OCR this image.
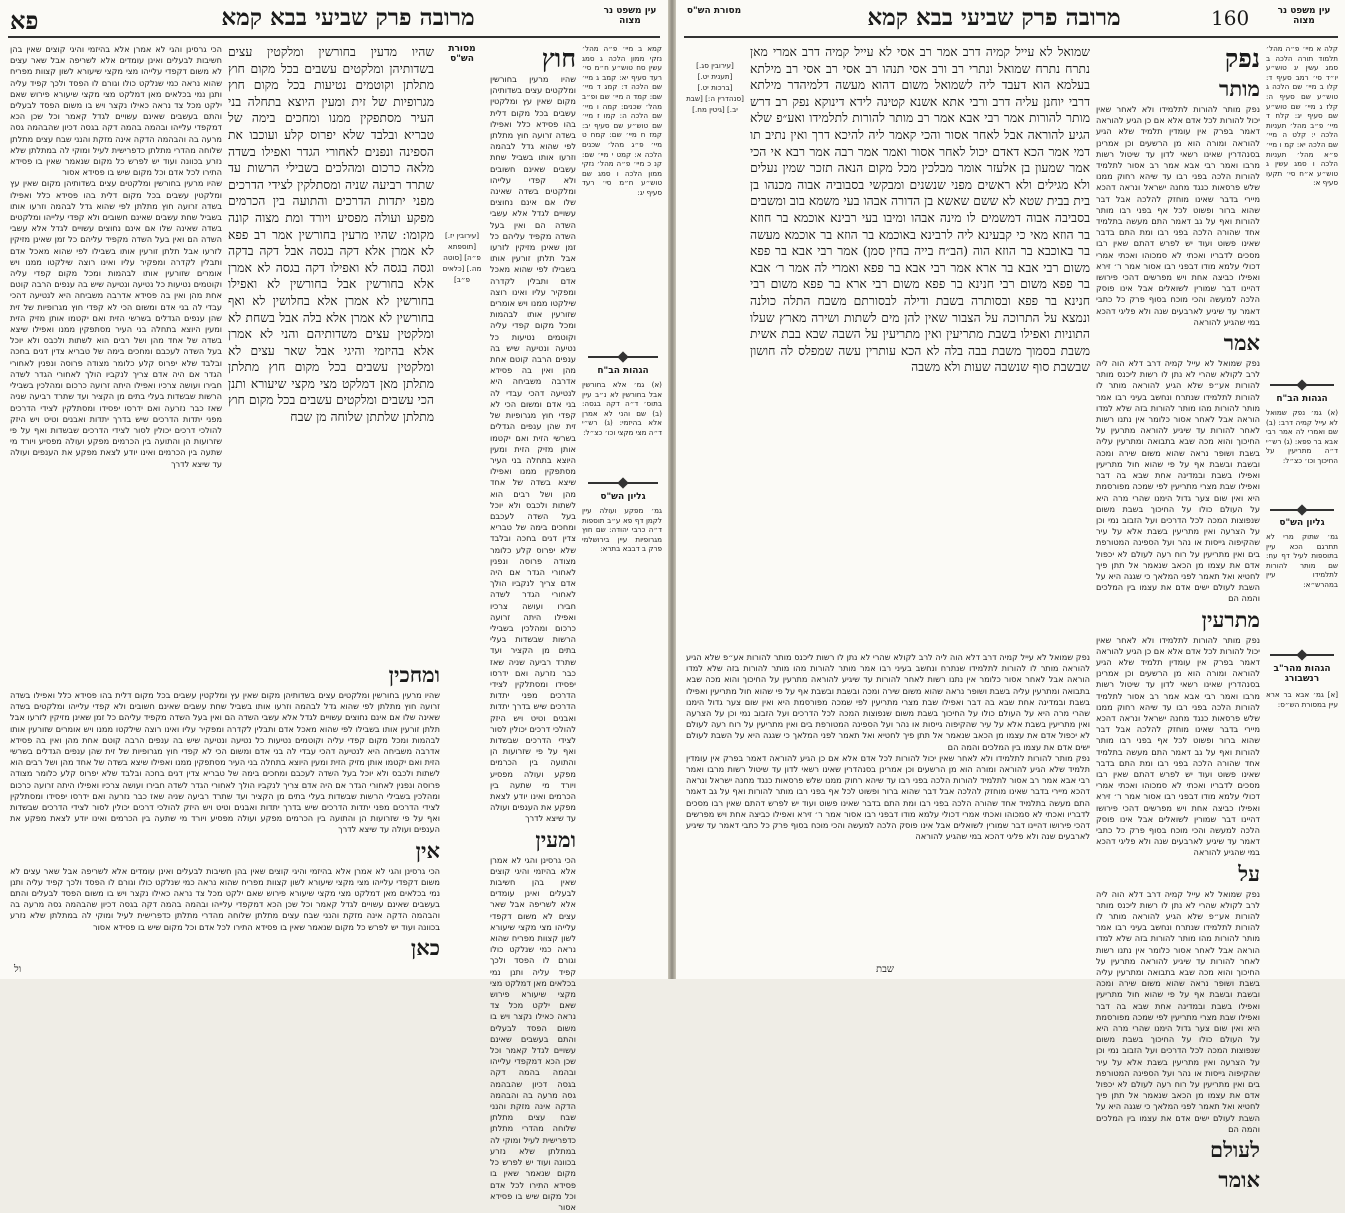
פא	מרובה פרק שביעי בבא קמא	עין משפט נר מצוה

קמא ב מיי׳ פ״ה מהל׳ נזקי ממון הלכה ג סמג עשין סח טוש״ע ח״מ סי׳ רעד סעיף יא: קמב ג מיי׳ שם הלכה ד: קמג ד מיי׳ שם: קמד ה מיי׳ שם ופ״ב מהל׳ שכנים: קמה ו מיי׳ שם הלכה ה: קמו ז מיי׳ שם טוש״ע שם סעיף יב: קמז ח מיי׳ שם: קמח ט מיי׳ פ״ג מהל׳ שכנים הלכה א: קמט י מיי׳ שם: קנ כ מיי׳ פ״ה מהל׳ נזקי ממון הלכה ו סמג שם טוש״ע ח״מ סי׳ רעד סעיף יג:

הגהות הב"ח

(א) גמ׳ אלא בחורשין אבל בחורשין לא נ״ב עיין בתוס׳ ד״ה דקה בגסה: (ב) שם והני לא אמרן אלא בהיזמי: (ג) רש״י ד״ה מצי מקצי וכו׳ כצ״ל:

גליון הש"ס

גמ׳ מפקע ועולה עיין לקמן דף פא ע״ב תוספות ד״ה כרבי יהודה: שם חוץ מגרופיות עיין בירושלמי פרק ב דבבא בתרא:

חוץ

שהיו מרעין בחורשין ומלקטים עצים בשדותיהן מקום שאין עץ ומלקטין עשבים בכל מקום דלית בהו פסידא כלל ואפילו בשדה זרועה חוץ מתלתן לפי שהוא גדל לבהמה וזרעו אותו בשביל שחת עשבים שאינם חשובים ולא קפדי עלייהו ומלקטים בשדה שאינה שלו אם אינם נחוצים עשויים לגדל אלא עשבי השדה הם ואין בעל השדה מקפיד עליהם כל זמן שאינן מזיקין לזרעו אבל תלתן זורעין אותו בשבילו לפי שהוא מאכל אדם ותבלין לקדרה ומפקיר עליו ואינו רוצה שילקטו ממנו ויש אומרים שזורעין אותו לבהמות ומכל מקום קפדי עליה וקוטמים נטיעות כל נטיעה ונטיעה שיש בה ענפים הרבה קוטם אחת מהן ואין בה פסידא אדרבה משביחה היא לנטיעה דהכי עבדי לה בני אדם ומשום הכי לא קפדי חוץ מגרופיות של זית שהן ענפים הגדלים בשרשי הזית ואם יקטמו אותן מזיק הזית ומעין היוצא בתחלה בני העיר מסתפקין ממנו ואפילו שיצא בשדה של אחד מהן ושל רבים הוא לשתות ולכבס ולא יוכל בעל השדה לעכבם ומחכים בימה של טבריא צדין דגים בחכה ובלבד שלא יפרוס קלע כלומר מצודה פרוסה ונפנין לאחורי הגדר אם היה אדם צריך לנקביו הולך לאחורי הגדר לשדה חבירו ועושה צרכיו ואפילו היתה זרועה כרכום ומהלכין בשבילי הרשות שבשדות בעלי בתים מן הקציר ועד שתרד רביעה שניה שאז כבר נזרעה ואם ידרסו יפסידו ומסתלקין לצידי הדרכים מפני יתדות הדרכים שיש בדרך יתדות ואבנים וטיט ויש היזק להולכי דרכים יכולין לסור לצידי הדרכים שבשדות ואף על פי שזרועות הן והתועה בין הכרמים מפקע ועולה מפסיע ויורד מי שתעה בין הכרמים ואינו יודע לצאת מפקע את הענפים ועולה עד שיצא לדרך

ומעין

הכי גרסינן והגי לא אמרן אלא בהיזמי והיגי קוצים שאין בהן חשיבות לבעלים ואינן עומדים אלא לשריפה אבל שאר עצים לא משום דקפדי עלייהו מצי מקצי שיעורא לשון קצוות מפריח שהוא נראה כמי שנלקט כולו וגורם לו הפסד ולכך קפיד עליה ותנן נמי בכלאים מאן דמלקט מצי מקצי שיעורא פירוש שאם ילקט מכל צד נראה כאילו נקצר ויש בו משום הפסד לבעלים והתם בעשבים שאינם עשויים לגדל קאמר וכל שכן הכא דמקפדי עלייהו ובהמה בהמה דקה בגסה דכיון שהבהמה גסה מרעה בה והבהמה הדקה אינה מזקת והנני שבח עצים מתלתן שלוחה מהדרי מתלתן כדפרישית לעיל ומוקי לה במתלתן שלא נזרע בכוונה ועוד יש לפרש כל מקום שנאמר שאין בו פסידא התירו לכל אדם וכל מקום שיש בו פסידא אסור

מסורת הש"ס
[עירובין יז.] [תוספתא פ״ה] [סוטה מה.] [כלאים פ״ב]

שהיו מדעין בחורשין ומלקטין עצים בשדותיהן ומלקטים עשבים בכל מקום חוץ מתלתן וקוטמים נטיעות בכל מקום חוץ מגרופיות של זית ומעין היוצא בתחלה בני העיר מסתפקין ממנו ומחכים בימה של טבריא ובלבד שלא יפרוס קלע ועוכבו את הספינה ונפנים לאחורי הגדר ואפילו בשדה מלאה כרכום ומהלכים בשבילי הרשות עד שתרד רביעה שניה ומסתלקין לצידי הדרכים מפני יתדות הדרכים והתועה בין הכרמים מפקע ועולה מפסיע ויורד ומת מצוה קונה מקומו: שהיו מרעין בחורשין אמר רב פפא לא אמרן אלא דקה בגסה אבל דקה בדקה וגסה בגסה לא ואפילו דקה בגסה לא אמרן אלא בחורשין אבל בחורשין לא ואפילו בחורשין לא אמרן אלא בחלושין לא ואף בחורשין לא אמרן אלא בלה אבל בשחת לא ומלקטין עצים משדותיהם והני לא אמרן אלא בהיזמי והיגי אבל שאר עצים לא ומלקטין עשבים בכל מקום חוץ מתלתן מתלתן מאן דמלקט מצי מקצי שיעורא ותנן הכי עשבים ומלקטים עשבים בכל מקום חוץ מתלתן שלתתן שלוחה מן שבח

הכי גרסינן והגי לא אמרן אלא בהיזמי והיגי קוצים שאין בהן חשיבות לבעלים ואינן עומדים אלא לשריפה אבל שאר עצים לא משום דקפדי עלייהו מצי מקצי שיעורא לשון קצוות מפריח שהוא נראה כמי שנלקט כולו וגורם לו הפסד ולכך קפיד עליה ותנן נמי בכלאים מאן דמלקט מצי מקצי שיעורא פירוש שאם ילקט מכל צד נראה כאילו נקצר ויש בו משום הפסד לבעלים והתם בעשבים שאינם עשויים לגדל קאמר וכל שכן הכא דמקפדי עלייהו ובהמה בהמה דקה בגסה דכיון שהבהמה גסה מרעה בה והבהמה הדקה אינה מזקת והנני שבח עצים מתלתן שלוחה מהדרי מתלתן כדפרישית לעיל ומוקי לה במתלתן שלא נזרע בכוונה ועוד יש לפרש כל מקום שנאמר שאין בו פסידא התירו לכל אדם וכל מקום שיש בו פסידא אסור

שהיו מרעין בחורשין ומלקטים עצים בשדותיהן מקום שאין עץ ומלקטין עשבים בכל מקום דלית בהו פסידא כלל ואפילו בשדה זרועה חוץ מתלתן לפי שהוא גדל לבהמה וזרעו אותו בשביל שחת עשבים שאינם חשובים ולא קפדי עלייהו ומלקטים בשדה שאינה שלו אם אינם נחוצים עשויים לגדל אלא עשבי השדה הם ואין בעל השדה מקפיד עליהם כל זמן שאינן מזיקין לזרעו אבל תלתן זורעין אותו בשבילו לפי שהוא מאכל אדם ותבלין לקדרה ומפקיר עליו ואינו רוצה שילקטו ממנו ויש אומרים שזורעין אותו לבהמות ומכל מקום קפדי עליה וקוטמים נטיעות כל נטיעה ונטיעה שיש בה ענפים הרבה קוטם אחת מהן ואין בה פסידא אדרבה משביחה היא לנטיעה דהכי עבדי לה בני אדם ומשום הכי לא קפדי חוץ מגרופיות של זית שהן ענפים הגדלים בשרשי הזית ואם יקטמו אותן מזיק הזית ומעין היוצא בתחלה בני העיר מסתפקין ממנו ואפילו שיצא בשדה של אחד מהן ושל רבים הוא לשתות ולכבס ולא יוכל בעל השדה לעכבם ומחכים בימה של טבריא צדין דגים בחכה ובלבד שלא יפרוס קלע כלומר מצודה פרוסה ונפנין לאחורי הגדר אם היה אדם צריך לנקביו הולך לאחורי הגדר לשדה חבירו ועושה צרכיו ואפילו היתה זרועה כרכום ומהלכין בשבילי הרשות שבשדות בעלי בתים מן הקציר ועד שתרד רביעה שניה שאז כבר נזרעה ואם ידרסו יפסידו ומסתלקין לצידי הדרכים מפני יתדות הדרכים שיש בדרך יתדות ואבנים וטיט ויש היזק להולכי דרכים יכולין לסור לצידי הדרכים שבשדות ואף על פי שזרועות הן והתועה בין הכרמים מפקע ועולה מפסיע ויורד מי שתעה בין הכרמים ואינו יודע לצאת מפקע את הענפים ועולה עד שיצא לדרך

ומחכין

שהיו מרעין בחורשין ומלקטים עצים בשדותיהן מקום שאין עץ ומלקטין עשבים בכל מקום דלית בהו פסידא כלל ואפילו בשדה זרועה חוץ מתלתן לפי שהוא גדל לבהמה וזרעו אותו בשביל שחת עשבים שאינם חשובים ולא קפדי עלייהו ומלקטים בשדה שאינה שלו אם אינם נחוצים עשויים לגדל אלא עשבי השדה הם ואין בעל השדה מקפיד עליהם כל זמן שאינן מזיקין לזרעו אבל תלתן זורעין אותו בשבילו לפי שהוא מאכל אדם ותבלין לקדרה ומפקיר עליו ואינו רוצה שילקטו ממנו ויש אומרים שזורעין אותו לבהמות ומכל מקום קפדי עליה וקוטמים נטיעות כל נטיעה ונטיעה שיש בה ענפים הרבה קוטם אחת מהן ואין בה פסידא אדרבה משביחה היא לנטיעה דהכי עבדי לה בני אדם ומשום הכי לא קפדי חוץ מגרופיות של זית שהן ענפים הגדלים בשרשי הזית ואם יקטמו אותן מזיק הזית ומעין היוצא בתחלה בני העיר מסתפקין ממנו ואפילו שיצא בשדה של אחד מהן ושל רבים הוא לשתות ולכבס ולא יוכל בעל השדה לעכבם ומחכים בימה של טבריא צדין דגים בחכה ובלבד שלא יפרוס קלע כלומר מצודה פרוסה ונפנין לאחורי הגדר אם היה אדם צריך לנקביו הולך לאחורי הגדר לשדה חבירו ועושה צרכיו ואפילו היתה זרועה כרכום ומהלכין בשבילי הרשות שבשדות בעלי בתים מן הקציר ועד שתרד רביעה שניה שאז כבר נזרעה ואם ידרסו יפסידו ומסתלקין לצידי הדרכים מפני יתדות הדרכים שיש בדרך יתדות ואבנים וטיט ויש היזק להולכי דרכים יכולין לסור לצידי הדרכים שבשדות ואף על פי שזרועות הן והתועה בין הכרמים מפקע ועולה מפסיע ויורד מי שתעה בין הכרמים ואינו יודע לצאת מפקע את הענפים ועולה עד שיצא לדרך

אין

הכי גרסינן והגי לא אמרן אלא בהיזמי והיגי קוצים שאין בהן חשיבות לבעלים ואינן עומדים אלא לשריפה אבל שאר עצים לא משום דקפדי עלייהו מצי מקצי שיעורא לשון קצוות מפריח שהוא נראה כמי שנלקט כולו וגורם לו הפסד ולכך קפיד עליה ותנן נמי בכלאים מאן דמלקט מצי מקצי שיעורא פירוש שאם ילקט מכל צד נראה כאילו נקצר ויש בו משום הפסד לבעלים והתם בעשבים שאינם עשויים לגדל קאמר וכל שכן הכא דמקפדי עלייהו ובהמה בהמה דקה בגסה דכיון שהבהמה גסה מרעה בה והבהמה הדקה אינה מזקת והנני שבח עצים מתלתן שלוחה מהדרי מתלתן כדפרישית לעיל ומוקי לה במתלתן שלא נזרע בכוונה ועוד יש לפרש כל מקום שנאמר שאין בו פסידא התירו לכל אדם וכל מקום שיש בו פסידא אסור

כאן
ול
מסורת הש"ס	מרובה פרק שביעי בבא קמא	160	עין משפט נר מצוה

קלה א מיי׳ פ״ה מהל׳ תלמוד תורה הלכה ב סמג עשין יג טוש״ע יו״ד סי׳ רמב סעיף ד: קלו ב מיי׳ שם הלכה ג טוש״ע שם סעיף ה: קלז ג מיי׳ שם טוש״ע שם סעיף יג: קלח ד מיי׳ פ״ב מהל׳ תעניות הלכה י: קלט ה מיי׳ שם הלכה יא: קמ ו מיי׳ פ״א מהל׳ תעניות הלכה ו סמג עשין ג טוש״ע א״ח סי׳ תקעו סעיף א:

הגהות הב"ח

(א) גמ׳ נפק שמואל לא עייל קמיה דרב: (ב) שם ואמרי לה אמר רבי אבא בר פפא: (ג) רש״י ד״ה מתריעין על החיכוך וכו׳ כצ״ל:

גליון הש"ס

גמ׳ שתוק מרי לא תתרגם הכא עיין בתוספות לעיל דף עח: שם מותר להורות לתלמידו עיין במהרש״א:

הגהות מהר"ב רנשבורג

[א] גמ׳ אבא בר ארא עיין במסורת הש״ס:

נפק
מותר

נפק מותר להורות לתלמידו ולא לאחר שאין יכול להורות לכל אדם אלא אם כן הגיע להוראה דאמר בפרק אין עומדין תלמיד שלא הגיע להוראה ומורה הוא מן הרשעים וכן אמרינן בסנהדרין שאינו רשאי לדון עד שיטול רשות מרבו ואמר רבי אבא אמר רב אסור לתלמיד להורות הלכה בפני רבו עד שיהא רחוק ממנו שלש פרסאות כנגד מחנה ישראל ונראה דהכא מיירי בדבר שאינו מוחזק להלכה אבל דבר שהוא ברור ופשוט לכל אף בפני רבו מותר להורות ואף על גב דאמר התם מעשה בתלמיד אחד שהורה הלכה בפני רבו ומת התם בדבר שאינו פשוט ועוד יש לפרש דהתם שאין רבו מסכים לדבריו ואכתי לא סמכוהו ואכתי אמרי דכולי עלמא מודו דבפני רבו אסור אמר ר׳ זירא ואפילו כביצה אחת ויש מפרשים דהכי פירושו דהיינו דבר שמורין לשואלים אבל אינו פוסק הלכה למעשה והכי מוכח בסוף פרק כל כתבי דאמר עד שיגיע לארבעים שנה ולא פליגי דהכא במי שהגיע להוראה

אמר

נפק שמואל לא עייל קמיה דרב דלא הוה ליה לרב לקולא שהרי לא נתן לו רשות ליכנס מותר להורות אע״פ שלא הגיע להוראה מותר לו להורות לתלמידו שנתרח ונחשב בעיני רבו אמר מותר להורות מהו מותר להורות בזה שלא למדו הוראה אבל לאחר אסור כלומר אין נתנו רשות לאחר להורות עד שיגיע להוראה מתרעין על החיכוך והוא מכה שבא בתבואה ומתרעין עליה בשבת ושופר נראה שהוא משום שירה ומכה ובשבת ובשבת אף על פי שהוא חול מתריעין ואפילו בשבת ובמדינה אחת שבא בה דבר ואפילו שבת מצרי מתריעין לפי שמכה מפורסמת היא ואין שום צער גדול הימנו שהרי מרה היא על העולם כולו על החיכוך בשבת משום שנפוצות המכה לכל הדרכים ועל הזבוב נמי וכן על הצרעה ואין מתריעין בשבת אלא על עיר שהקיפוה גייסות או נהר ועל הספינה המטורפת בים ואין מתריעין על רוח רעה לעולם לא יכפול אדם את עצמו מן הכאב שנאמר אל תתן פיך לחטיא ואל תאמר לפני המלאך כי שגגה היא על השבת לעולם ישים אדם את עצמו בין המלכים והמה הם

מתרעין

נפק מותר להורות לתלמידו ולא לאחר שאין יכול להורות לכל אדם אלא אם כן הגיע להוראה דאמר בפרק אין עומדין תלמיד שלא הגיע להוראה ומורה הוא מן הרשעים וכן אמרינן בסנהדרין שאינו רשאי לדון עד שיטול רשות מרבו ואמר רבי אבא אמר רב אסור לתלמיד להורות הלכה בפני רבו עד שיהא רחוק ממנו שלש פרסאות כנגד מחנה ישראל ונראה דהכא מיירי בדבר שאינו מוחזק להלכה אבל דבר שהוא ברור ופשוט לכל אף בפני רבו מותר להורות ואף על גב דאמר התם מעשה בתלמיד אחד שהורה הלכה בפני רבו ומת התם בדבר שאינו פשוט ועוד יש לפרש דהתם שאין רבו מסכים לדבריו ואכתי לא סמכוהו ואכתי אמרי דכולי עלמא מודו דבפני רבו אסור אמר ר׳ זירא ואפילו כביצה אחת ויש מפרשים דהכי פירושו דהיינו דבר שמורין לשואלים אבל אינו פוסק הלכה למעשה והכי מוכח בסוף פרק כל כתבי דאמר עד שיגיע לארבעים שנה ולא פליגי דהכא במי שהגיע להוראה

על

נפק שמואל לא עייל קמיה דרב דלא הוה ליה לרב לקולא שהרי לא נתן לו רשות ליכנס מותר להורות אע״פ שלא הגיע להוראה מותר לו להורות לתלמידו שנתרח ונחשב בעיני רבו אמר מותר להורות מהו מותר להורות בזה שלא למדו הוראה אבל לאחר אסור כלומר אין נתנו רשות לאחר להורות עד שיגיע להוראה מתרעין על החיכוך והוא מכה שבא בתבואה ומתרעין עליה בשבת ושופר נראה שהוא משום שירה ומכה ובשבת ובשבת אף על פי שהוא חול מתריעין ואפילו בשבת ובמדינה אחת שבא בה דבר ואפילו שבת מצרי מתריעין לפי שמכה מפורסמת היא ואין שום צער גדול הימנו שהרי מרה היא על העולם כולו על החיכוך בשבת משום שנפוצות המכה לכל הדרכים ועל הזבוב נמי וכן על הצרעה ואין מתריעין בשבת אלא על עיר שהקיפוה גייסות או נהר ועל הספינה המטורפת בים ואין מתריעין על רוח רעה לעולם לא יכפול אדם את עצמו מן הכאב שנאמר אל תתן פיך לחטיא ואל תאמר לפני המלאך כי שגגה היא על השבת לעולם ישים אדם את עצמו בין המלכים והמה הם

לעולם
אומר

שמואל לא עייל קמיה דרב אמר רב אסי לא עייל קמיה דרב אמרי מאן נתרח נתרח שמואל ונתרי רב ורב אסי תנהו רב אסי רב אסי רב מילתא בעלמא הוא דעבד ליה לשמואל משום דהוא מעשה דלמיהדר מילתא דרבי יוחנן עליה דרב ורבי אתא אשנא קטינה לידא דינוקא נפק רב דרש מותר להורות אמר רבי אבא אמר רב מותר להורות לתלמידו ואע״פ שלא הגיע להוראה אבל לאחר אסור והכי קאמר ליה להיכא דרך ואין נתיב תו דמי אמר הכא דאדם יכול לאחר אסור ואמר אמר רבה אמר רבא אי הכי אמר שמעון בן אלעזר אומר מבלכין מכל מקום הנאה תזכר שמין נעלים ולא מגילים ולא ראשים מפני שנשנים ומבקשי בסבוביה אבוה מכנהו בן בית בבית שטא לא ששם שאשא בן הדורה אבהו בעי משמא בוב ומשבים בסביבה אבוה דמשמים לו מינה אבהו ומיבו בעי רבינא אוכמא בר חוזא בר הוזא מאי כי קבעינא ליה לרבינא באוכמא בר הוזא בר אוכמא מעשה בר באוכבא בר הוזא הוה (הב״ח בייה בחין סמן) אמר רבי אבא בר פפא משום רבי אבא בר ארא אמר רבי אבא בר פפא ואמרי לה אמר ר׳ אבא בר פפא משום רבי חנינא בר פפא משום רבי ארא בר פפא משום רבי חנינא בר פפא ובסותרה בשבת ודילה לבסורתם משבח התלה כולנה ונמצא על התרוכה על הצבור שאין להן מים לשתות ושירה מארץ שעלו התוניות ואפילו בשבת מתריעין ואין מתריעין על השבה שבא בבת אשית משבת בסמוך משבת בבה בלה לא הכא עותרין עשה שמפלס לה חושון שבשבת סוף שנשבה שעות ולא משבה

[עירובין סג.] [תענית יט.] [ברכות יט.] [סנהדרין ה:] [שבת יב.] [גיטין מח.]

נפק שמואל לא עייל קמיה דרב דלא הוה ליה לרב לקולא שהרי לא נתן לו רשות ליכנס מותר להורות אע״פ שלא הגיע להוראה מותר לו להורות לתלמידו שנתרח ונחשב בעיני רבו אמר מותר להורות מהו מותר להורות בזה שלא למדו הוראה אבל לאחר אסור כלומר אין נתנו רשות לאחר להורות עד שיגיע להוראה מתרעין על החיכוך והוא מכה שבא בתבואה ומתרעין עליה בשבת ושופר נראה שהוא משום שירה ומכה ובשבת ובשבת אף על פי שהוא חול מתריעין ואפילו בשבת ובמדינה אחת שבא בה דבר ואפילו שבת מצרי מתריעין לפי שמכה מפורסמת היא ואין שום צער גדול הימנו שהרי מרה היא על העולם כולו על החיכוך בשבת משום שנפוצות המכה לכל הדרכים ועל הזבוב נמי וכן על הצרעה ואין מתריעין בשבת אלא על עיר שהקיפוה גייסות או נהר ועל הספינה המטורפת בים ואין מתריעין על רוח רעה לעולם לא יכפול אדם את עצמו מן הכאב שנאמר אל תתן פיך לחטיא ואל תאמר לפני המלאך כי שגגה היא על השבת לעולם ישים אדם את עצמו בין המלכים והמה הם

נפק מותר להורות לתלמידו ולא לאחר שאין יכול להורות לכל אדם אלא אם כן הגיע להוראה דאמר בפרק אין עומדין תלמיד שלא הגיע להוראה ומורה הוא מן הרשעים וכן אמרינן בסנהדרין שאינו רשאי לדון עד שיטול רשות מרבו ואמר רבי אבא אמר רב אסור לתלמיד להורות הלכה בפני רבו עד שיהא רחוק ממנו שלש פרסאות כנגד מחנה ישראל ונראה דהכא מיירי בדבר שאינו מוחזק להלכה אבל דבר שהוא ברור ופשוט לכל אף בפני רבו מותר להורות ואף על גב דאמר התם מעשה בתלמיד אחד שהורה הלכה בפני רבו ומת התם בדבר שאינו פשוט ועוד יש לפרש דהתם שאין רבו מסכים לדבריו ואכתי לא סמכוהו ואכתי אמרי דכולי עלמא מודו דבפני רבו אסור אמר ר׳ זירא ואפילו כביצה אחת ויש מפרשים דהכי פירושו דהיינו דבר שמורין לשואלים אבל אינו פוסק הלכה למעשה והכי מוכח בסוף פרק כל כתבי דאמר עד שיגיע לארבעים שנה ולא פליגי דהכא במי שהגיע להוראה

שבת
